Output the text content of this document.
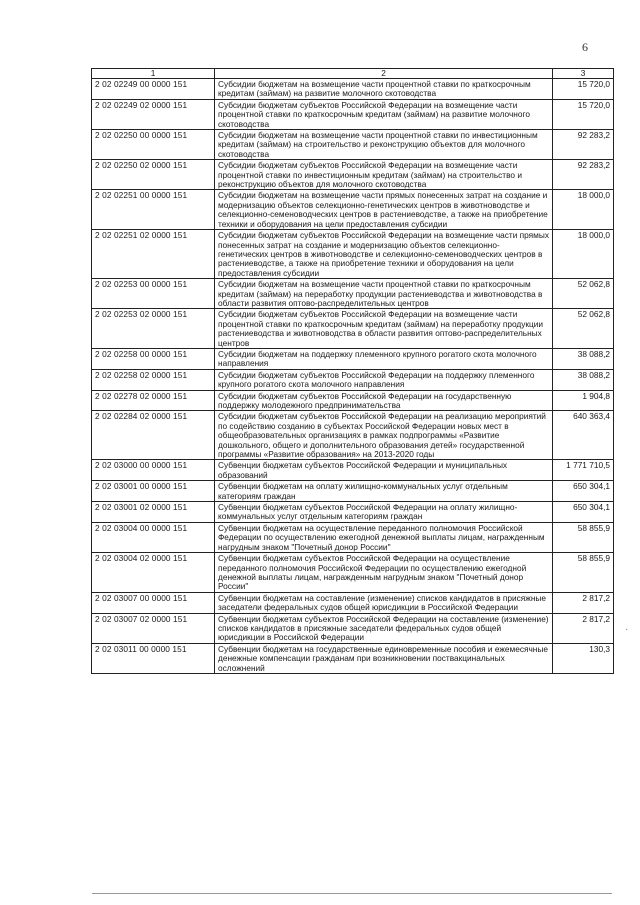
6
1	2	3
2 02 02249 00 0000 151	Субсидии бюджетам на возмещение части процентной ставки по краткосрочным кредитам (займам) на развитие молочного скотоводства	15 720,0
2 02 02249 02 0000 151	Субсидии бюджетам субъектов Российской Федерации на возмещение части процентной ставки по краткосрочным кредитам (займам) на развитие молочного скотоводства	15 720,0
2 02 02250 00 0000 151	Субсидии бюджетам на возмещение части процентной ставки по инвестиционным кредитам (займам) на строительство и реконструкцию объектов для молочного скотоводства	92 283,2
2 02 02250 02 0000 151	Субсидии бюджетам субъектов Российской Федерации на возмещение части процентной ставки по инвестиционным кредитам (займам) на строительство и реконструкцию объектов для молочного скотоводства	92 283,2
2 02 02251 00 0000 151	Субсидии бюджетам на возмещение части прямых понесенных затрат на создание и модернизацию объектов селекционно-генетических центров в животноводстве и селекционно-семеноводческих центров в растениеводстве, а также на приобретение техники и оборудования на цели предоставления субсидии	18 000,0
2 02 02251 02 0000 151	Субсидии бюджетам субъектов Российской Федерации на возмещение части прямых понесенных затрат на создание и модернизацию объектов селекционно-генетических центров в животноводстве и селекционно-семеноводческих центров в растениеводстве, а также на приобретение техники и оборудования на цели предоставления субсидии	18 000,0
2 02 02253 00 0000 151	Субсидии бюджетам на возмещение части процентной ставки по краткосрочным кредитам (займам) на переработку продукции растениеводства и животноводства в области развития оптово-распределительных центров	52 062,8
2 02 02253 02 0000 151	Субсидии бюджетам субъектов Российской Федерации на возмещение части процентной ставки по краткосрочным кредитам (займам) на переработку продукции растениеводства и животноводства в области развития оптово-распределительных центров	52 062,8
2 02 02258 00 0000 151	Субсидии бюджетам на поддержку племенного крупного рогатого скота молочного направления	38 088,2
2 02 02258 02 0000 151	Субсидии бюджетам субъектов Российской Федерации на поддержку племенного крупного рогатого скота молочного направления	38 088,2
2 02 02278 02 0000 151	Субсидии бюджетам субъектов Российской Федерации на государственную поддержку молодежного предпринимательства	1 904,8
2 02 02284 02 0000 151	Субсидии бюджетам субъектов Российской Федерации на реализацию мероприятий по содействию созданию в субъектах Российской Федерации новых мест в общеобразовательных организациях в рамках подпрограммы «Развитие дошкольного, общего и дополнительного образования детей» государственной программы «Развитие образования» на 2013-2020 годы	640 363,4
2 02 03000 00 0000 151	Субвенции бюджетам субъектов Российской Федерации и муниципальных образований	1 771 710,5
2 02 03001 00 0000 151	Субвенции бюджетам на оплату жилищно-коммунальных услуг отдельным категориям граждан	650 304,1
2 02 03001 02 0000 151	Субвенции бюджетам субъектов Российской Федерации на оплату жилищно-коммунальных услуг отдельным категориям граждан	650 304,1
2 02 03004 00 0000 151	Субвенции бюджетам на осуществление переданного полномочия Российской Федерации по осуществлению ежегодной денежной выплаты лицам, награжденным нагрудным знаком "Почетный донор России"	58 855,9
2 02 03004 02 0000 151	Субвенции бюджетам субъектов Российской Федерации на осуществление переданного полномочия Российской Федерации по осуществлению ежегодной денежной выплаты лицам, награжденным нагрудным знаком "Почетный донор России"	58 855,9
2 02 03007 00 0000 151	Субвенции бюджетам на составление (изменение) списков кандидатов в присяжные заседатели федеральных судов общей юрисдикции в Российской Федерации	2 817,2
2 02 03007 02 0000 151	Субвенции бюджетам субъектов Российской Федерации на составление (изменение) списков кандидатов в присяжные заседатели федеральных судов общей юрисдикции в Российской Федерации	2 817,2
2 02 03011 00 0000 151	Субвенции бюджетам на государственные единовременные пособия и ежемесячные денежные компенсации гражданам при возникновении поствакцинальных осложнений	130,3
·
